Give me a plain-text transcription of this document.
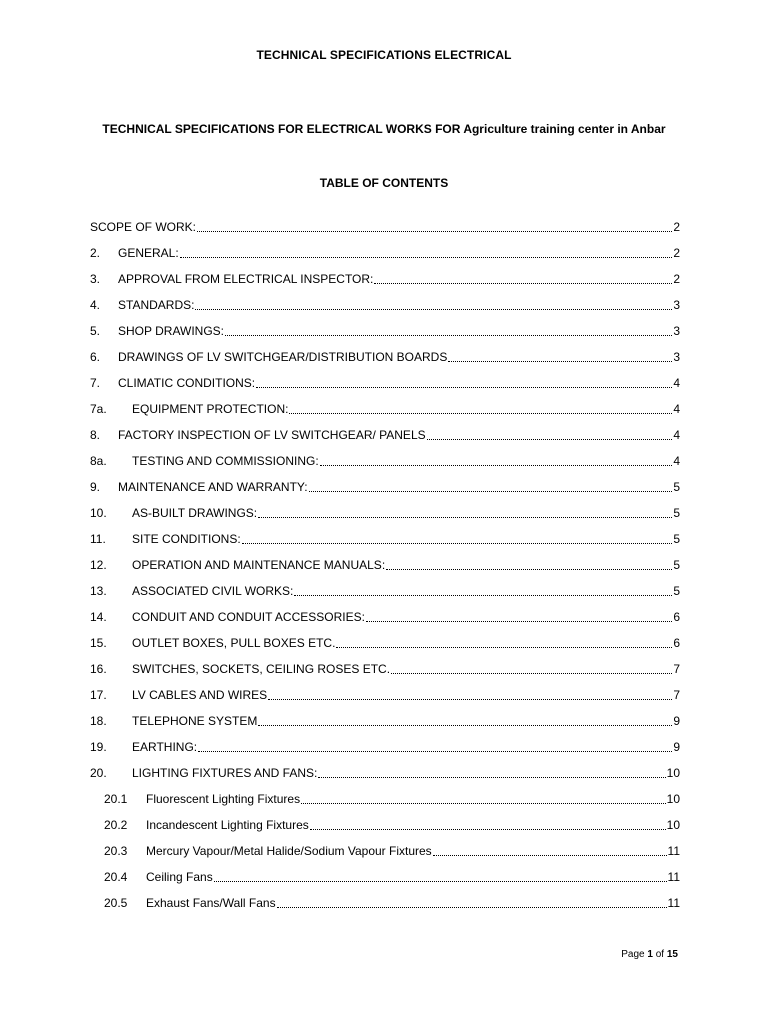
TECHNICAL SPECIFICATIONS ELECTRICAL
TECHNICAL SPECIFICATIONS FOR ELECTRICAL WORKS FOR Agriculture training center in Anbar
TABLE OF CONTENTS
SCOPE OF WORK:	2
2.	GENERAL:	2
3.	APPROVAL FROM ELECTRICAL INSPECTOR:	2
4.	STANDARDS:	3
5.	SHOP DRAWINGS:	3
6.	DRAWINGS OF LV SWITCHGEAR/DISTRIBUTION BOARDS	3
7.	CLIMATIC CONDITIONS:	4
7a.	EQUIPMENT PROTECTION:	4
8.	FACTORY INSPECTION OF LV SWITCHGEAR/ PANELS	4
8a.	TESTING AND COMMISSIONING:	4
9.	MAINTENANCE AND WARRANTY:	5
10.	AS-BUILT DRAWINGS:	5
11.	SITE CONDITIONS:	5
12.	OPERATION AND MAINTENANCE MANUALS:	5
13.	ASSOCIATED CIVIL WORKS:	5
14.	CONDUIT AND CONDUIT ACCESSORIES:	6
15.	OUTLET BOXES, PULL BOXES ETC.	6
16.	SWITCHES, SOCKETS, CEILING ROSES ETC.	7
17.	LV CABLES AND WIRES	7
18.	TELEPHONE SYSTEM	9
19.	EARTHING:	9
20.	LIGHTING FIXTURES AND FANS:	10
20.1	Fluorescent Lighting Fixtures	10
20.2	Incandescent Lighting Fixtures	10
20.3	Mercury Vapour/Metal Halide/Sodium Vapour Fixtures	11
20.4	Ceiling Fans	11
20.5	Exhaust Fans/Wall Fans	11
Page 1 of 15
